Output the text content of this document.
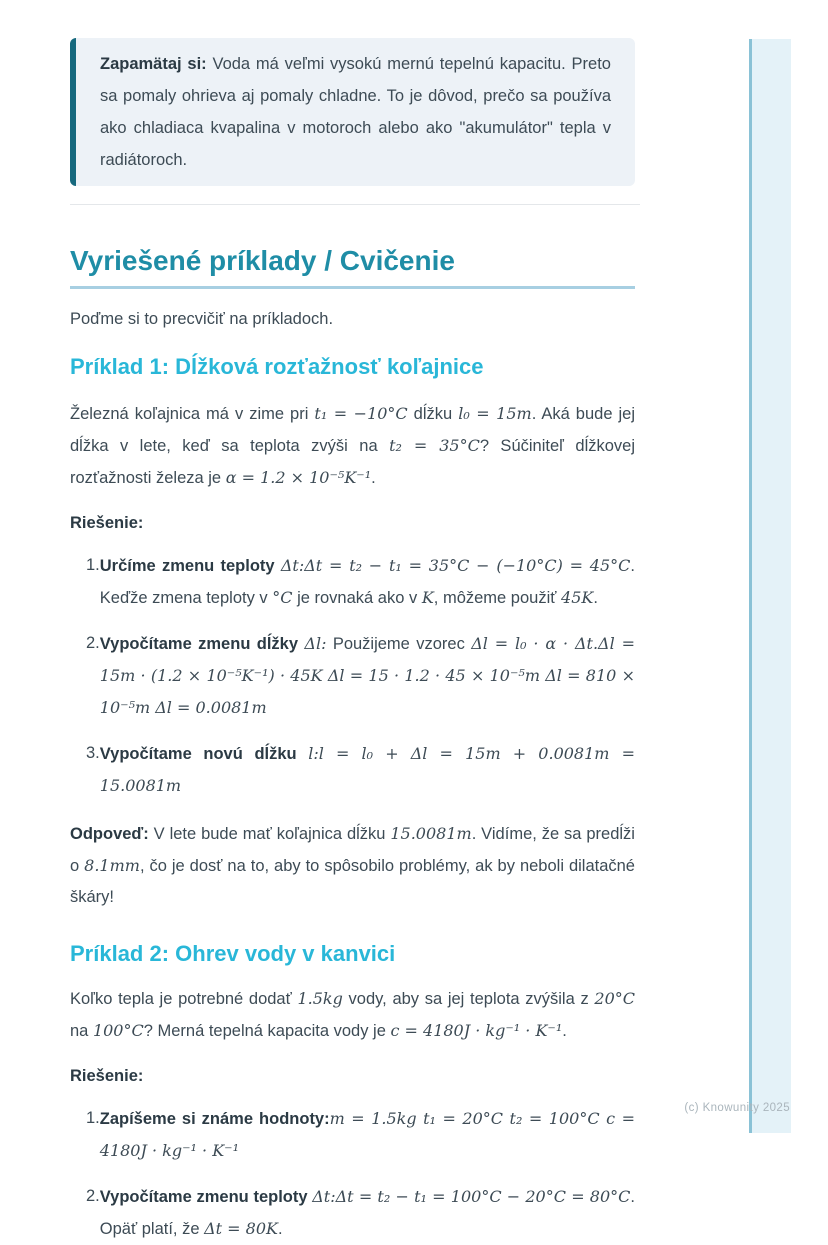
Zapamätaj si: Voda má veľmi vysokú mernú tepelnú kapacitu. Preto sa pomaly ohrieva aj pomaly chladne. To je dôvod, prečo sa používa ako chladiaca kvapalina v motoroch alebo ako "akumulátor" tepla v radiátoroch.
Vyriešené príklady / Cvičenie

Poďme si to precvičiť na príkladoch.

Príklad 1: Dĺžková rozťažnosť koľajnice

Železná koľajnica má v zime pri t₁ = −10°C dĺžku l₀ = 15m. Aká bude jej dĺžka v lete, keď sa teplota zvýši na t₂ = 35°C? Súčiniteľ dĺžkovej rozťažnosti železa je α = 1.2 × 10⁻⁵K⁻¹.

Riešenie:

1. Určíme zmenu teploty Δt:Δt = t₂ − t₁ = 35°C − (−10°C) = 45°C. Keďže zmena teploty v °C je rovnaká ako v K, môžeme použiť 45K.
2. Vypočítame zmenu dĺžky Δl: Použijeme vzorec Δl = l₀ · α · Δt.Δl = 15m · (1.2 × 10⁻⁵K⁻¹) · 45K Δl = 15 · 1.2 · 45 × 10⁻⁵m Δl = 810 × 10⁻⁵m Δl = 0.0081m
3. Vypočítame novú dĺžku l:l = l₀ + Δl = 15m + 0.0081m = 15.0081m

Odpoveď: V lete bude mať koľajnica dĺžku 15.0081m. Vidíme, že sa predĺži o 8.1mm, čo je dosť na to, aby to spôsobilo problémy, ak by neboli dilatačné škáry!

Príklad 2: Ohrev vody v kanvici

Koľko tepla je potrebné dodať 1.5kg vody, aby sa jej teplota zvýšila z 20°C na 100°C? Merná tepelná kapacita vody je c = 4180J · kg⁻¹ · K⁻¹.

Riešenie:

1. Zapíšeme si známe hodnoty:m = 1.5kg t₁ = 20°C t₂ = 100°C c = 4180J · kg⁻¹ · K⁻¹
2. Vypočítame zmenu teploty Δt:Δt = t₂ − t₁ = 100°C − 20°C = 80°C. Opäť platí, že Δt = 80K.
(c) Knowunity 2025
